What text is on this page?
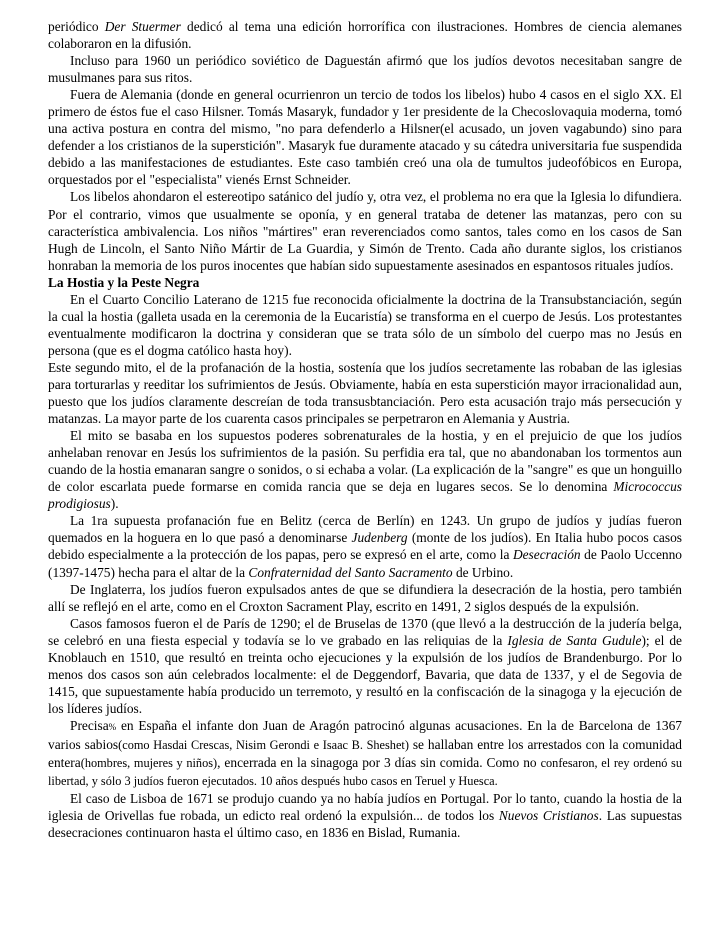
periódico Der Stuermer dedicó al tema una edición horrorífica con ilustraciones. Hombres de ciencia alemanes colaboraron en la difusión.

Incluso para 1960 un periódico soviético de Daguestán afirmó que los judíos devotos necesitaban sangre de musulmanes para sus ritos.

Fuera de Alemania (donde en general ocurrienron un tercio de todos los libelos) hubo 4 casos en el siglo XX. El primero de éstos fue el caso Hilsner. Tomás Masaryk, fundador y 1er presidente de la Checoslovaquia moderna, tomó una activa postura en contra del mismo, "no para defenderlo a Hilsner(el acusado, un joven vagabundo) sino para defender a los cristianos de la superstición". Masaryk fue duramente atacado y su cátedra universitaria fue suspendida debido a las manifestaciones de estudiantes. Este caso también creó una ola de tumultos judeofóbicos en Europa, orquestados por el "especialista" vienés Ernst Schneider.

Los libelos ahondaron el estereotipo satánico del judío y, otra vez, el problema no era que la Iglesia lo difundiera. Por el contrario, vimos que usualmente se oponía, y en general trataba de detener las matanzas, pero con su característica ambivalencia. Los niños "mártires" eran reverenciados como santos, tales como en los casos de San Hugh de Lincoln, el Santo Niño Mártir de La Guardia, y Simón de Trento. Cada año durante siglos, los cristianos honraban la memoria de los puros inocentes que habían sido supuestamente asesinados en espantosos rituales judíos.

La Hostia y la Peste Negra

En el Cuarto Concilio Laterano de 1215 fue reconocida oficialmente la doctrina de la Transubstanciación, según la cual la hostia (galleta usada en la ceremonia de la Eucaristía) se transforma en el cuerpo de Jesús. Los protestantes eventualmente modificaron la doctrina y consideran que se trata sólo de un símbolo del cuerpo mas no Jesús en persona (que es el dogma católico hasta hoy).

Este segundo mito, el de la profanación de la hostia, sostenía que los judíos secretamente las robaban de las iglesias para torturarlas y reeditar los sufrimientos de Jesús. Obviamente, había en esta superstición mayor irracionalidad aun, puesto que los judíos claramente descreían de toda transusbtanciación. Pero esta acusación trajo más persecución y matanzas. La mayor parte de los cuarenta casos principales se perpetraron en Alemania y Austria.

El mito se basaba en los supuestos poderes sobrenaturales de la hostia, y en el prejuicio de que los judíos anhelaban renovar en Jesús los sufrimientos de la pasión. Su perfidia era tal, que no abandonaban los tormentos aun cuando de la hostia emanaran sangre o sonidos, o si echaba a volar. (La explicación de la "sangre" es que un honguillo de color escarlata puede formarse en comida rancia que se deja en lugares secos. Se lo denomina Micrococcus prodigiosus).

La 1ra supuesta profanación fue en Belitz (cerca de Berlín) en 1243. Un grupo de judíos y judías fueron quemados en la hoguera en lo que pasó a denominarse Judenberg (monte de los judíos). En Italia hubo pocos casos debido especialmente a la protección de los papas, pero se expresó en el arte, como la Desecración de Paolo Uccenno (1397-1475) hecha para el altar de la Confraternidad del Santo Sacramento de Urbino.

De Inglaterra, los judíos fueron expulsados antes de que se difundiera la desecración de la hostia, pero también allí se reflejó en el arte, como en el Croxton Sacrament Play, escrito en 1491, 2 siglos después de la expulsión.

Casos famosos fueron el de París de 1290; el de Bruselas de 1370 (que llevó a la destrucción de la judería belga, se celebró en una fiesta especial y todavía se lo ve grabado en las reliquias de la Iglesia de Santa Gudule); el de Knoblauch en 1510, que resultó en treinta ocho ejecuciones y la expulsión de los judíos de Brandenburgo. Por lo menos dos casos son aún celebrados localmente: el de Deggendorf, Bavaria, que data de 1337, y el de Segovia de 1415, que supuestamente había producido un terremoto, y resultó en la confiscación de la sinagoga y la ejecución de los líderes judíos.

Precisa% en España el infante don Juan de Aragón patrocinó algunas acusaciones. En la de Barcelona de 1367 varios sabios(como Hasdai Crescas, Nisim Gerondi e Isaac B. Sheshet) se hallaban entre los arrestados con la comunidad entera(hombres, mujeres y niños), encerrada en la sinagoga por 3 días sin comida. Como no confesaron, el rey ordenó su libertad, y sólo 3 judíos fueron ejecutados. 10 años después hubo casos en Teruel y Huesca.

El caso de Lisboa de 1671 se produjo cuando ya no había judíos en Portugal. Por lo tanto, cuando la hostia de la iglesia de Orivellas fue robada, un edicto real ordenó la expulsión... de todos los Nuevos Cristianos. Las supuestas desecraciones continuaron hasta el último caso, en 1836 en Bislad, Rumania.
